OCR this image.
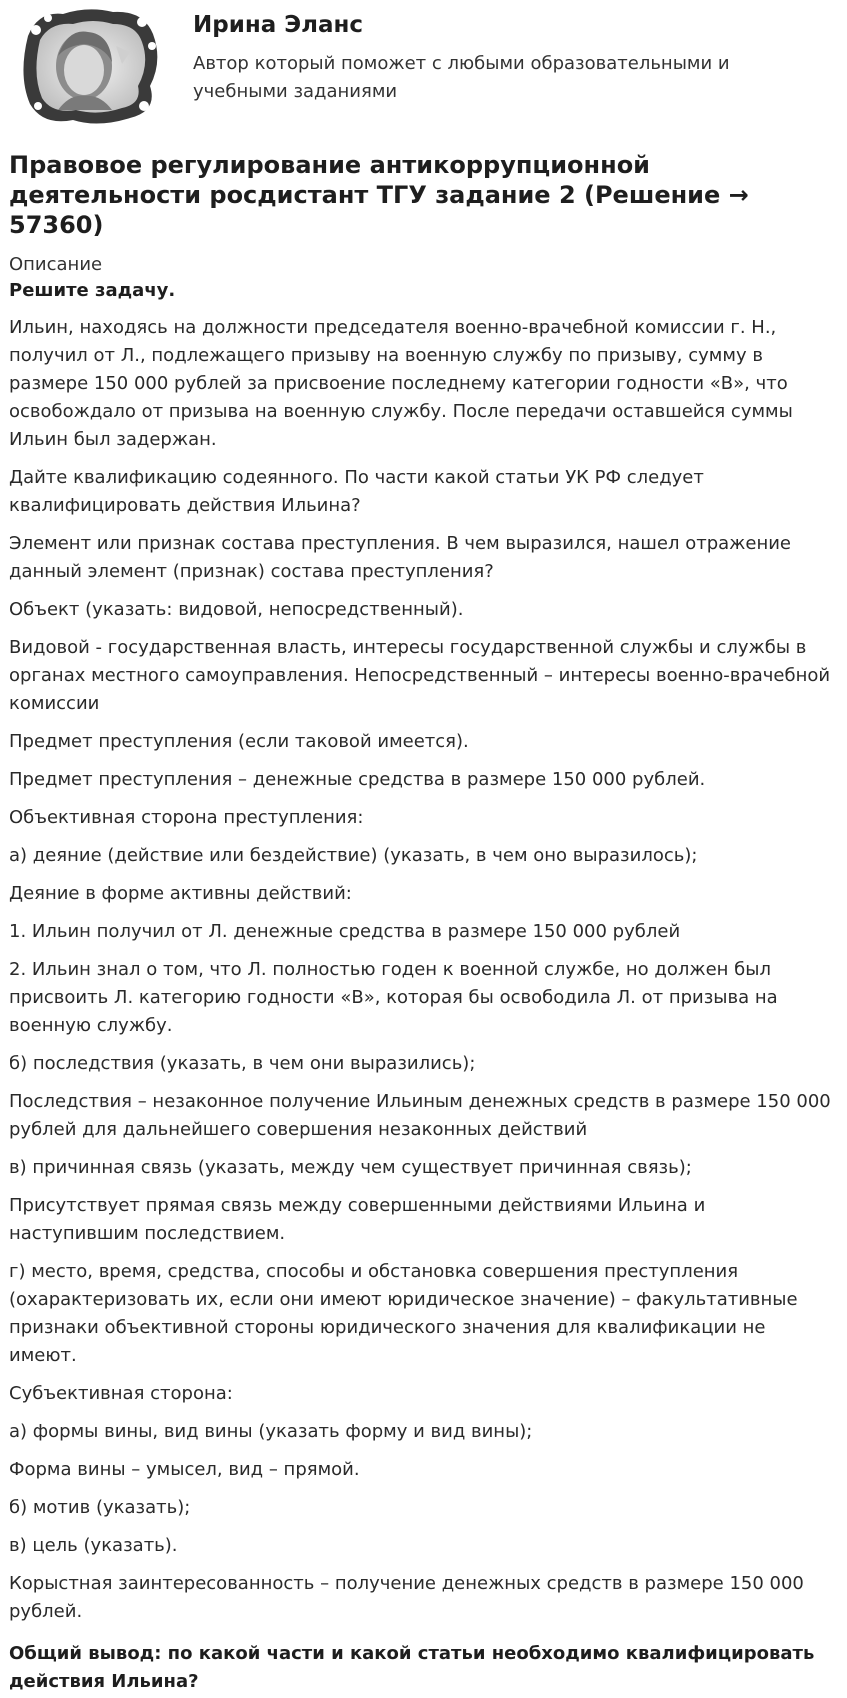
Ирина Эланс
Автор который поможет с любыми образовательными и учебными заданиями
Правовое регулирование антикоррупционной деятельности росдистант ТГУ задание 2 (Решение → 57360)
Описание
Решите задачу.

Ильин, находясь на должности председателя военно-врачебной комиссии г. Н., получил от Л., подлежащего призыву на военную службу по призыву, сумму в размере 150 000 рублей за присвоение последнему категории годности «В», что освобождало от призыва на военную службу. После передачи оставшейся суммы Ильин был задержан.

Дайте квалификацию содеянного. По части какой статьи УК РФ следует квалифицировать действия Ильина?

Элемент или признак состава преступления. В чем выразился, нашел отражение данный элемент (признак) состава преступления?

Объект (указать: видовой, непосредственный).

Видовой - государственная власть, интересы государственной службы и службы в органах местного самоуправления. Непосредственный – интересы военно-врачебной комиссии

Предмет преступления (если таковой имеется).

Предмет преступления – денежные средства в размере 150 000 рублей.

Объективная сторона преступления:

а) деяние (действие или бездействие) (указать, в чем оно выразилось);

Деяние в форме активны действий:

1. Ильин получил от Л. денежные средства в размере 150 000 рублей

2. Ильин знал о том, что Л. полностью годен к военной службе, но должен был присвоить Л. категорию годности «В», которая бы освободила Л. от призыва на военную службу.

б) последствия (указать, в чем они выразились);

Последствия – незаконное получение Ильиным денежных средств в размере 150 000 рублей для дальнейшего совершения незаконных действий

в) причинная связь (указать, между чем существует причинная связь);

Присутствует прямая связь между совершенными действиями Ильина и наступившим последствием.

г) место, время, средства, способы и обстановка совершения преступления (охарактеризовать их, если они имеют юридическое значение) – факультативные признаки объективной стороны юридического значения для квалификации не имеют.

Субъективная сторона:

а) формы вины, вид вины (указать форму и вид вины);

Форма вины – умысел, вид – прямой.

б) мотив (указать);

в) цель (указать).

Корыстная заинтересованность – получение денежных средств в размере 150 000 рублей.

Общий вывод: по какой части и какой статьи необходимо квалифицировать действия Ильина?
